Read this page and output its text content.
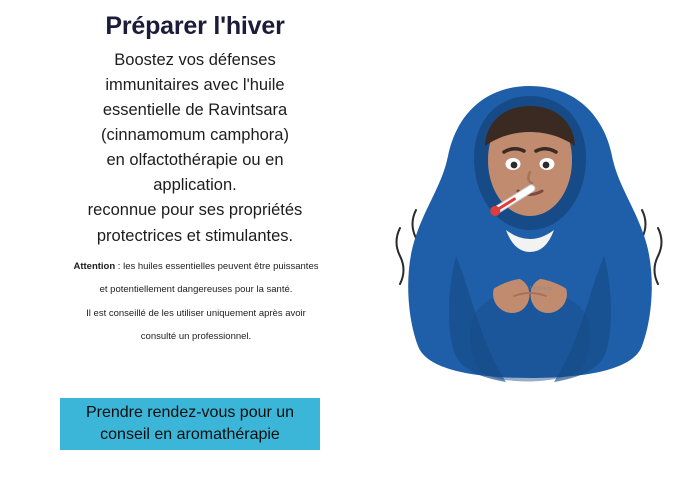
Préparer l'hiver
Boostez vos défenses
immunitaires avec l'huile
essentielle de Ravintsara
(cinnamomum camphora)
en olfactothérapie ou en
application.
reconnue pour ses propriétés
protectrices et stimulantes.
Attention : les huiles essentielles peuvent être puissantes
et potentiellement dangereuses pour la santé.
Il est conseillé de les utiliser uniquement après avoir
consulté un professionnel.
Prendre rendez-vous pour un
conseil en aromathérapie
Vecteezy
